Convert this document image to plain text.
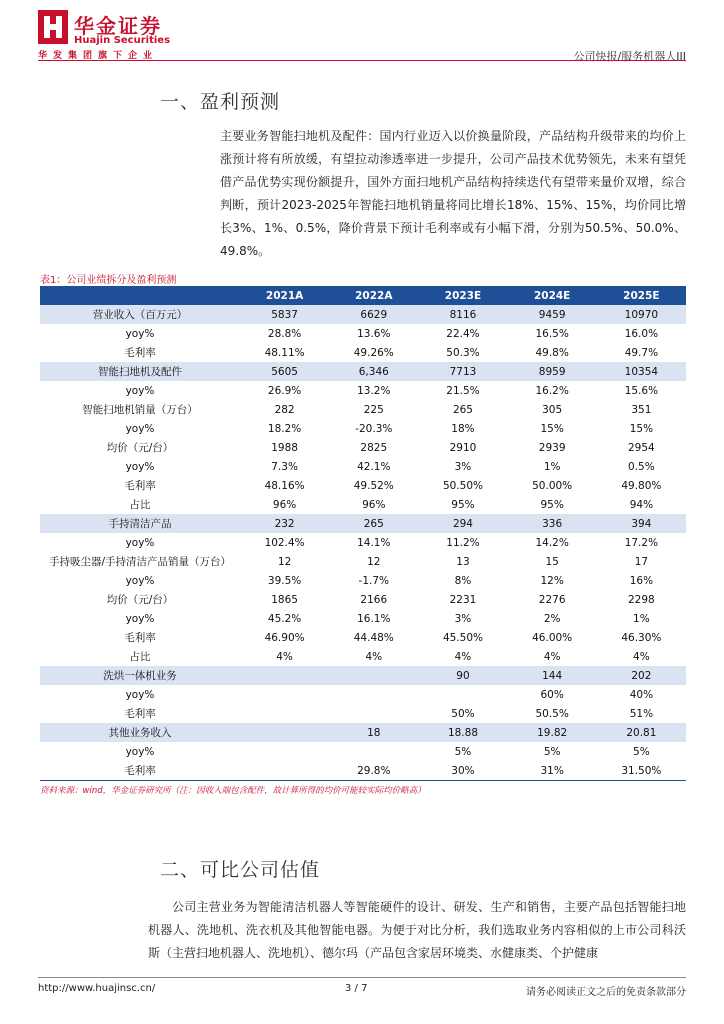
华金证券
Huajin Securities
华发集团旗下企业	公司快报/服务机器人III
一、盈利预测
主要业务智能扫地机及配件：国内行业迈入以价换量阶段，产品结构升级带来的均价上涨预计将有所放缓，有望拉动渗透率进一步提升，公司产品技术优势领先，未来有望凭借产品优势实现份额提升，国外方面扫地机产品结构持续迭代有望带来量价双增，综合判断，预计2023-2025年智能扫地机销量将同比增长18%、15%、15%，均价同比增长3%、1%、0.5%，降价背景下预计毛利率或有小幅下滑，分别为50.5%、50.0%、49.8%。
表1：公司业绩拆分及盈利预测
	2021A	2022A	2023E	2024E	2025E
营业收入（百万元）	5837	6629	8116	9459	10970
yoy%	28.8%	13.6%	22.4%	16.5%	16.0%
毛利率	48.11%	49.26%	50.3%	49.8%	49.7%
智能扫地机及配件	5605	6,346	7713	8959	10354
yoy%	26.9%	13.2%	21.5%	16.2%	15.6%
智能扫地机销量（万台）	282	225	265	305	351
yoy%	18.2%	-20.3%	18%	15%	15%
均价（元/台）	1988	2825	2910	2939	2954
yoy%	7.3%	42.1%	3%	1%	0.5%
毛利率	48.16%	49.52%	50.50%	50.00%	49.80%
占比	96%	96%	95%	95%	94%
手持清洁产品	232	265	294	336	394
yoy%	102.4%	14.1%	11.2%	14.2%	17.2%
手持吸尘器/手持清洁产品销量（万台）	12	12	13	15	17
yoy%	39.5%	-1.7%	8%	12%	16%
均价（元/台）	1865	2166	2231	2276	2298
yoy%	45.2%	16.1%	3%	2%	1%
毛利率	46.90%	44.48%	45.50%	46.00%	46.30%
占比	4%	4%	4%	4%	4%
洗烘一体机业务			90	144	202
yoy%				60%	40%
毛利率			50%	50.5%	51%
其他业务收入		18	18.88	19.82	20.81
yoy%			5%	5%	5%
毛利率		29.8%	30%	31%	31.50%
资料来源：wind，华金证券研究所（注：因收入端包含配件，故计算所得的均价可能较实际均价略高）
二、可比公司估值
公司主营业务为智能清洁机器人等智能硬件的设计、研发、生产和销售，主要产品包括智能扫地机器人、洗地机、洗衣机及其他智能电器。为便于对比分析，我们选取业务内容相似的上市公司科沃斯（主营扫地机器人、洗地机）、德尔玛（产品包含家居环境类、水健康类、个护健康
http://www.huajinsc.cn/	3 / 7	请务必阅读正文之后的免责条款部分
